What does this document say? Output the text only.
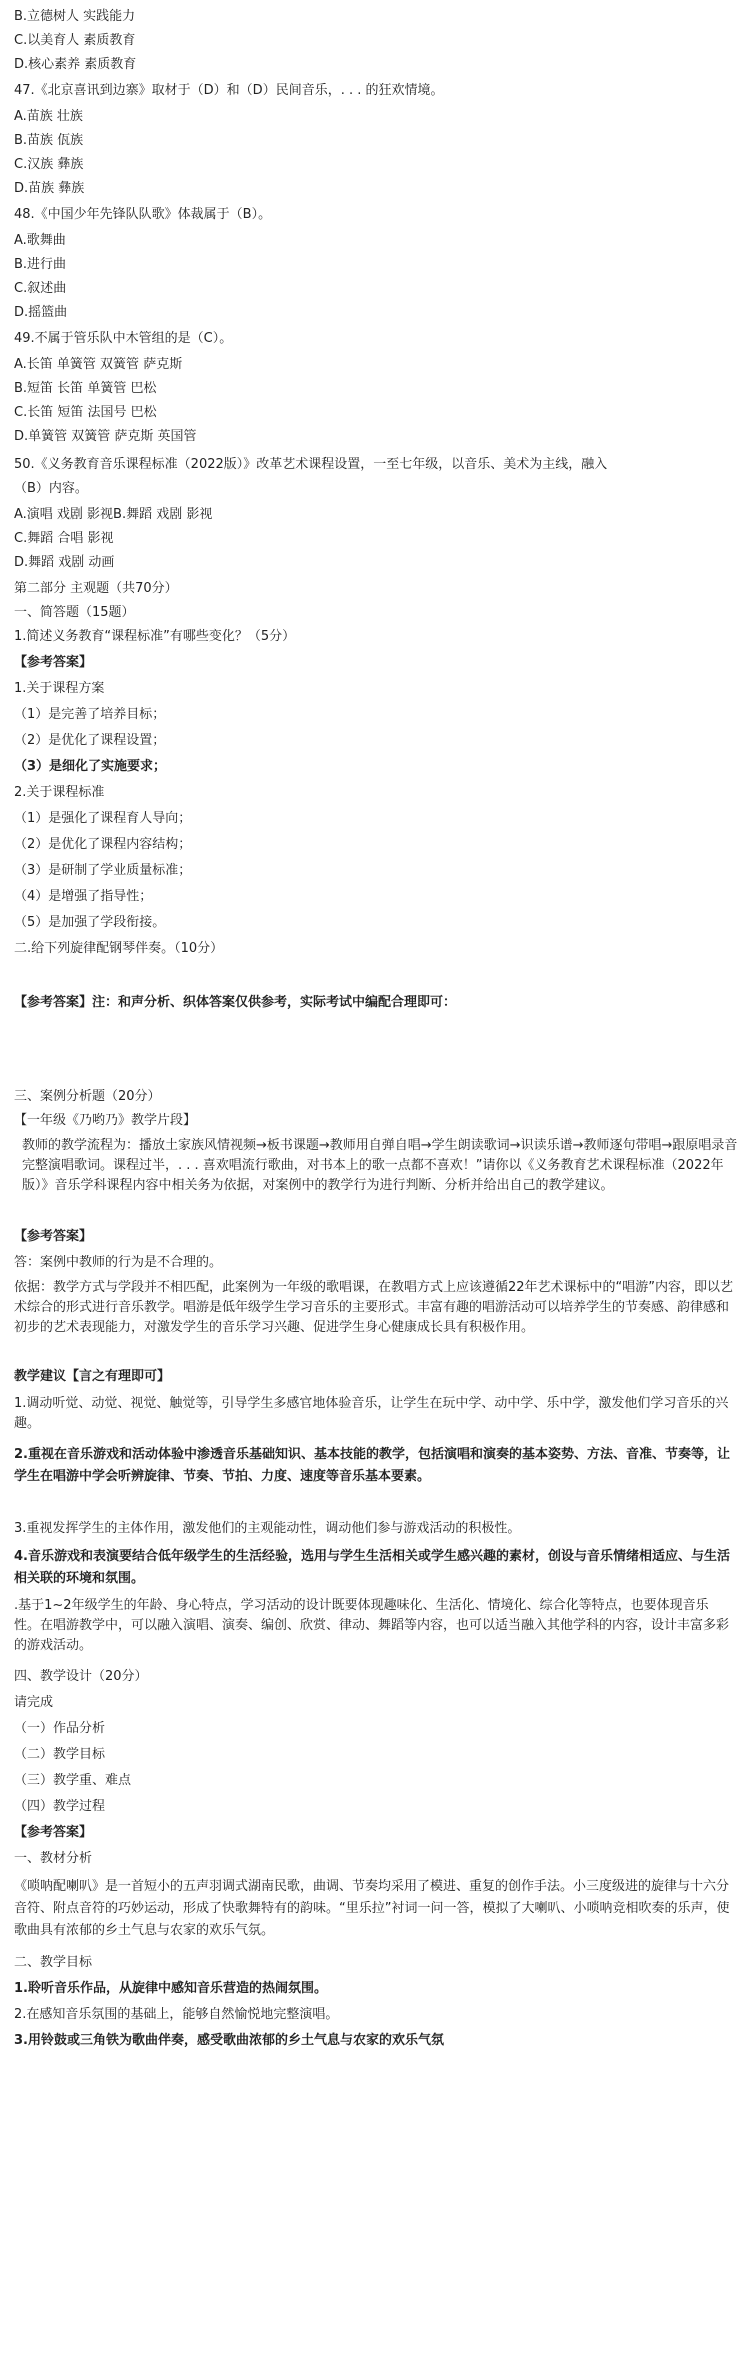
B.立德树人 实践能力
C.以美育人 素质教育
D.核心素养 素质教育
47.《北京喜讯到边寨》取材于（D）和（D）民间音乐，. . . 的狂欢情境。
A.苗族 壮族
B.苗族 佤族
C.汉族 彝族
D.苗族 彝族
48.《中国少年先锋队队歌》体裁属于（B）。
A.歌舞曲
B.进行曲
C.叙述曲
D.摇篮曲
49.不属于管乐队中木管组的是（C）。
A.长笛 单簧管 双簧管 萨克斯
B.短笛 长笛 单簧管 巴松
C.长笛 短笛 法国号 巴松
D.单簧管 双簧管 萨克斯 英国管
50.《义务教育音乐课程标准（2022版）》改革艺术课程设置，一至七年级，以音乐、美术为主线，融入
（B）内容。
A.演唱 戏剧 影视B.舞蹈 戏剧 影视
C.舞蹈 合唱 影视
D.舞蹈 戏剧 动画
第二部分 主观题（共70分）
一、简答题（15题）
1.简述义务教育“课程标准”有哪些变化？（5分）
【参考答案】
1.关于课程方案
（1）是完善了培养目标；
（2）是优化了课程设置；
（3）是细化了实施要求；
2.关于课程标准
（1）是强化了课程育人导向；
（2）是优化了课程内容结构；
（3）是研制了学业质量标准；
（4）是增强了指导性；
（5）是加强了学段衔接。
二.给下列旋律配钢琴伴奏。（10分）
【参考答案】注：和声分析、织体答案仅供参考，实际考试中编配合理即可：
三、案例分析题（20分）
【一年级《乃哟乃》教学片段】
教师的教学流程为：播放土家族风情视频→板书课题→教师用自弹自唱→学生朗读歌词→识读乐谱→教师逐句带唱→跟原唱录音完整演唱歌词。课程过半，. . . 喜欢唱流行歌曲，对书本上的歌一点都不喜欢！”请你以《义务教育艺术课程标准（2022年版）》音乐学科课程内容中相关务为依据，对案例中的教学行为进行判断、分析并给出自己的教学建议。
【参考答案】
答：案例中教师的行为是不合理的。
依据：教学方式与学段并不相匹配，此案例为一年级的歌唱课，在教唱方式上应该遵循22年艺术课标中的“唱游”内容，即以艺术综合的形式进行音乐教学。唱游是低年级学生学习音乐的主要形式。丰富有趣的唱游活动可以培养学生的节奏感、韵律感和初步的艺术表现能力，对激发学生的音乐学习兴趣、促进学生身心健康成长具有积极作用。
教学建议【言之有理即可】
1.调动听觉、动觉、视觉、触觉等，引导学生多感官地体验音乐，让学生在玩中学、动中学、乐中学，激发他们学习音乐的兴趣。
2.重视在音乐游戏和活动体验中渗透音乐基础知识、基本技能的教学，包括演唱和演奏的基本姿势、方法、音准、节奏等，让学生在唱游中学会听辨旋律、节奏、节拍、力度、速度等音乐基本要素。
3.重视发挥学生的主体作用，激发他们的主观能动性，调动他们参与游戏活动的积极性。
4.音乐游戏和表演要结合低年级学生的生活经验，选用与学生生活相关或学生感兴趣的素材，创设与音乐情绪相适应、与生活相关联的环境和氛围。
.基于1~2年级学生的年龄、身心特点，学习活动的设计既要体现趣味化、生活化、情境化、综合化等特点，也要体现音乐性。在唱游教学中，可以融入演唱、演奏、编创、欣赏、律动、舞蹈等内容，也可以适当融入其他学科的内容，设计丰富多彩的游戏活动。
四、教学设计（20分）
请完成
（一）作品分析
（二）教学目标
（三）教学重、难点
（四）教学过程
【参考答案】
一、教材分析
《唢呐配喇叭》是一首短小的五声羽调式湖南民歌，曲调、节奏均采用了模进、重复的创作手法。小三度级进的旋律与十六分音符、附点音符的巧妙运动，形成了快歌舞特有的韵味。“里乐拉”衬词一问一答，模拟了大喇叭、小唢呐竞相吹奏的乐声，使歌曲具有浓郁的乡土气息与农家的欢乐气氛。
二、教学目标
1.聆听音乐作品，从旋律中感知音乐营造的热闹氛围。
2.在感知音乐氛围的基础上，能够自然愉悦地完整演唱。
3.用铃鼓或三角铁为歌曲伴奏，感受歌曲浓郁的乡土气息与农家的欢乐气氛
